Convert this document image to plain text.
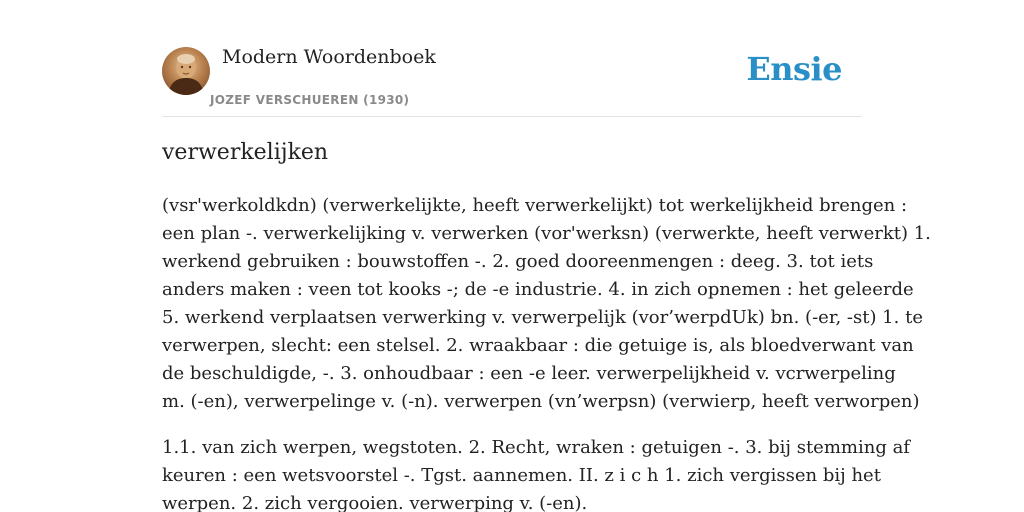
Modern Woordenboek
JOZEF VERSCHUEREN (1930)
Ensie
verwerkelijken

(vsr'werkoldkdn) (verwerkelijkte, heeft verwerkelijkt) tot werkelijkheid brengen :
een plan -. verwerkelijking v. verwerken (vor'werksn) (verwerkte, heeft verwerkt) 1.
werkend gebruiken : bouwstoffen -. 2. goed dooreenmengen : deeg. 3. tot iets
anders maken : veen tot kooks -; de -e industrie. 4. in zich opnemen : het geleerde
5. werkend verplaatsen verwerking v. verwerpelijk (vor’werpdUk) bn. (-er, -st) 1. te
verwerpen, slecht: een stelsel. 2. wraakbaar : die getuige is, als bloedverwant van
de beschuldigde, -. 3. onhoudbaar : een -e leer. verwerpelijkheid v. vcrwerpeling
m. (-en), verwerpelinge v. (-n). verwerpen (vn’werpsn) (verwierp, heeft verworpen)

1.1. van zich werpen, wegstoten. 2. Recht, wraken : getuigen -. 3. bij stemming af
keuren : een wetsvoorstel -. Tgst. aannemen. II. z i c h 1. zich vergissen bij het
werpen. 2. zich vergooien. verwerping v. (-en).
